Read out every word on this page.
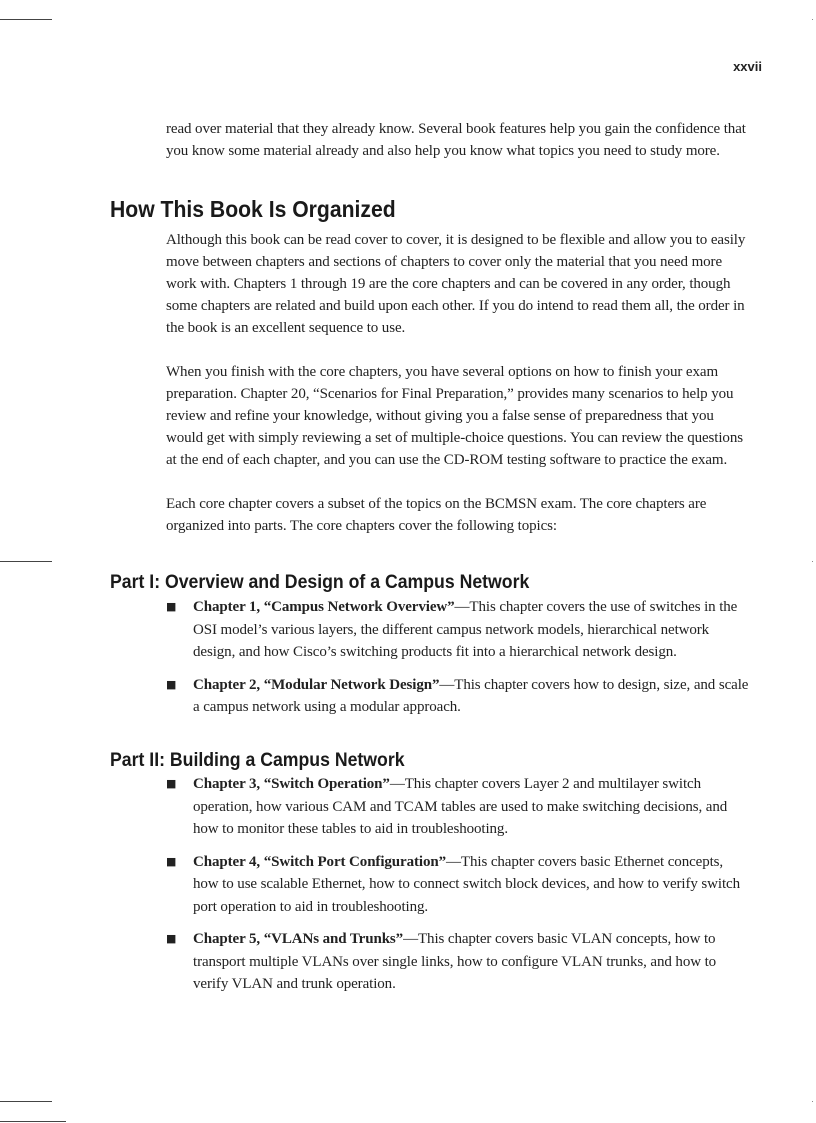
xxvii

read over material that they already know. Several book features help you gain the confidence that
you know some material already and also help you know what topics you need to study more.

How This Book Is Organized

Although this book can be read cover to cover, it is designed to be flexible and allow you to easily
move between chapters and sections of chapters to cover only the material that you need more
work with. Chapters 1 through 19 are the core chapters and can be covered in any order, though
some chapters are related and build upon each other. If you do intend to read them all, the order in
the book is an excellent sequence to use.

When you finish with the core chapters, you have several options on how to finish your exam
preparation. Chapter 20, “Scenarios for Final Preparation,” provides many scenarios to help you
review and refine your knowledge, without giving you a false sense of preparedness that you
would get with simply reviewing a set of multiple-choice questions. You can review the questions
at the end of each chapter, and you can use the CD-ROM testing software to practice the exam.

Each core chapter covers a subset of the topics on the BCMSN exam. The core chapters are
organized into parts. The core chapters cover the following topics:

Part I: Overview and Design of a Campus Network
■ Chapter 1, “Campus Network Overview”—This chapter covers the use of switches in the
OSI model’s various layers, the different campus network models, hierarchical network
design, and how Cisco’s switching products fit into a hierarchical network design.
■ Chapter 2, “Modular Network Design”—This chapter covers how to design, size, and scale
a campus network using a modular approach.
Part II: Building a Campus Network
■ Chapter 3, “Switch Operation”—This chapter covers Layer 2 and multilayer switch
operation, how various CAM and TCAM tables are used to make switching decisions, and
how to monitor these tables to aid in troubleshooting.
■ Chapter 4, “Switch Port Configuration”—This chapter covers basic Ethernet concepts,
how to use scalable Ethernet, how to connect switch block devices, and how to verify switch
port operation to aid in troubleshooting.
■ Chapter 5, “VLANs and Trunks”—This chapter covers basic VLAN concepts, how to
transport multiple VLANs over single links, how to configure VLAN trunks, and how to
verify VLAN and trunk operation.
